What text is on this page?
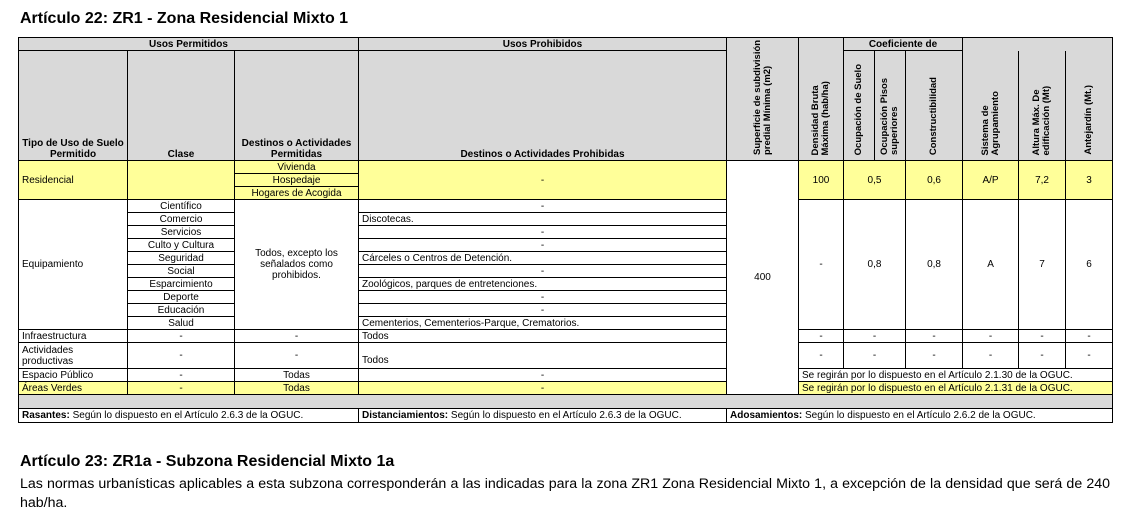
Artículo 22: ZR1 - Zona Residencial Mixto 1
Usos Permitidos			Usos Prohibidos	Superficie de subdivisión predial Mínima (m2)		Coeficiente de					
Tipo de Uso de Suelo Permitido	Clase	Destinos o Actividades Permitidas	Destinos o Actividades Prohibidas		Densidad Bruta Máxima (hab/ha)	Ocupación de Suelo	Ocupación Pisos superiores	Constructibilidad	Sistema de Agrupamiento	Altura Máx. De edificación (Mt)	Antejardín (Mt.)
Residencial		Vivienda	-	400	100	0,5		0,6	A/P	7,2	3
		Hospedaje									
		Hogares de Acogida									
Equipamiento	Científico	Todos, excepto los señalados como prohibidos.	-		-	0,8		0,8	A	7	6
	Comercio		Discotecas.								
	Servicios		-								
	Culto y Cultura		-								
	Seguridad		Cárceles o Centros de Detención.								
	Social		-								
	Esparcimiento		Zoológicos, parques de entretenciones.								
	Deporte		-								
	Educación		-								
	Salud		Cementerios, Cementerios-Parque, Crematorios.								
Infraestructura	-	-	Todos		-	-		-	-	-	-
Actividades productivas	-	-	Todos		-	-		-	-	-	-
Espacio Público	-	Todas	-		Se regirán por lo dispuesto en el Artículo 2.1.30 de la OGUC.						
Áreas Verdes	-	Todas	-		Se regirán por lo dispuesto en el Artículo 2.1.31 de la OGUC.						

Rasantes: Según lo dispuesto en el Artículo 2.6.3 de la OGUC.			Distanciamientos: Según lo dispuesto en el Artículo 2.6.3 de la OGUC.	Adosamientos: Según lo dispuesto en el Artículo 2.6.2 de la OGUC.							
Artículo 23: ZR1a - Subzona Residencial Mixto 1a
Las normas urbanísticas aplicables a esta subzona corresponderán a las indicadas para la zona ZR1 Zona Residencial Mixto 1, a excepción de la densidad que será de 240 hab/ha.
